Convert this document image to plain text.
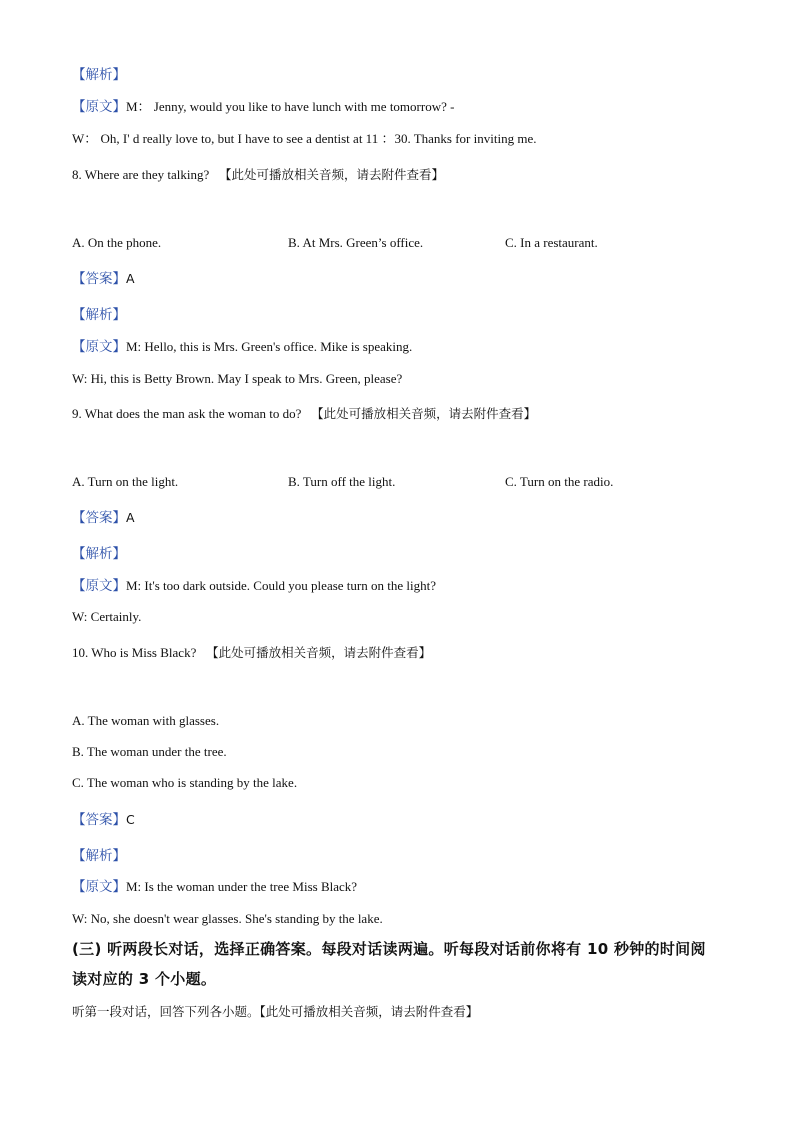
【解析】
【原文】M： Jenny, would you like to have lunch with me tomorrow? -
W： Oh, I' d really love to, but I have to see a dentist at 11 ：30. Thanks for inviting me.
8. Where are they talking? 【此处可播放相关音频，请去附件查看】
A. On the phone.	B. At Mrs. Green’s office.	C. In a restaurant.
【答案】A
【解析】
【原文】M: Hello, this is Mrs. Green's office. Mike is speaking.
W: Hi, this is Betty Brown. May I speak to Mrs. Green, please?
9. What does the man ask the woman to do? 【此处可播放相关音频，请去附件查看】
A. Turn on the light.	B. Turn off the light.	C. Turn on the radio.
【答案】A
【解析】
【原文】M: It's too dark outside. Could you please turn on the light?
W: Certainly.
10. Who is Miss Black? 【此处可播放相关音频，请去附件查看】
A. The woman with glasses.
B. The woman under the tree.
C. The woman who is standing by the lake.
【答案】C
【解析】
【原文】M: Is the woman under the tree Miss Black?
W: No, she doesn't wear glasses. She's standing by the lake.
(三) 听两段长对话，选择正确答案。每段对话读两遍。听每段对话前你将有 10 秒钟的时间阅
读对应的 3 个小题。
听第一段对话，回答下列各小题。【此处可播放相关音频，请去附件查看】
